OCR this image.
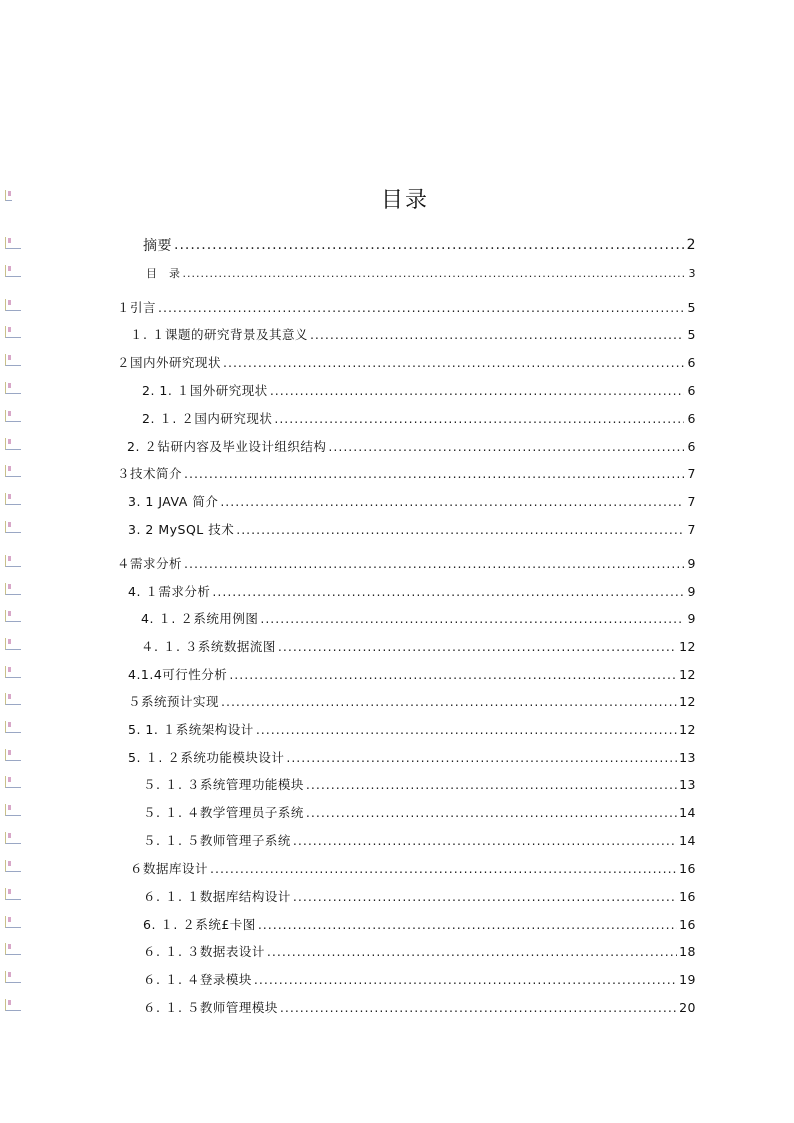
目录
摘要 .....	2
目　录 .....	3
１引言 .....	5
１. １课题的研究背景及其意义 .....	5
２国内外研究现状 .....	6
2. 1. １国外研究现状 .....	6
2. １. ２国内研究现状 .....	6
2. ２钻研内容及毕业设计组织结构 .....	6
３技术简介 .....	7
3. 1 JAVA 简介 .....	7
3. 2 MySQL 技术 .....	7
４需求分析 .....	9
4. １需求分析 .....	9
4. １. ２系统用例图 .....	9
４. １. ３系统数据流图 .....	12
4.1.4可行性分析 .....	12
５系统预计实现 .....	12
5. 1. １系统架构设计 .....	12
5. １. ２系统功能模块设计 .....	13
５. １. ３系统管理功能模块 .....	13
５. １. ４教学管理员子系统 .....	14
５. １. ５教师管理子系统 .....	14
６数据库设计 .....	16
６. １. １数据库结构设计 .....	16
6. １. ２系统£卡图 .....	16
６. １. ３数据表设计 .....	18
６. １. ４登录模块 .....	19
６. １. ５教师管理模块 .....	20
